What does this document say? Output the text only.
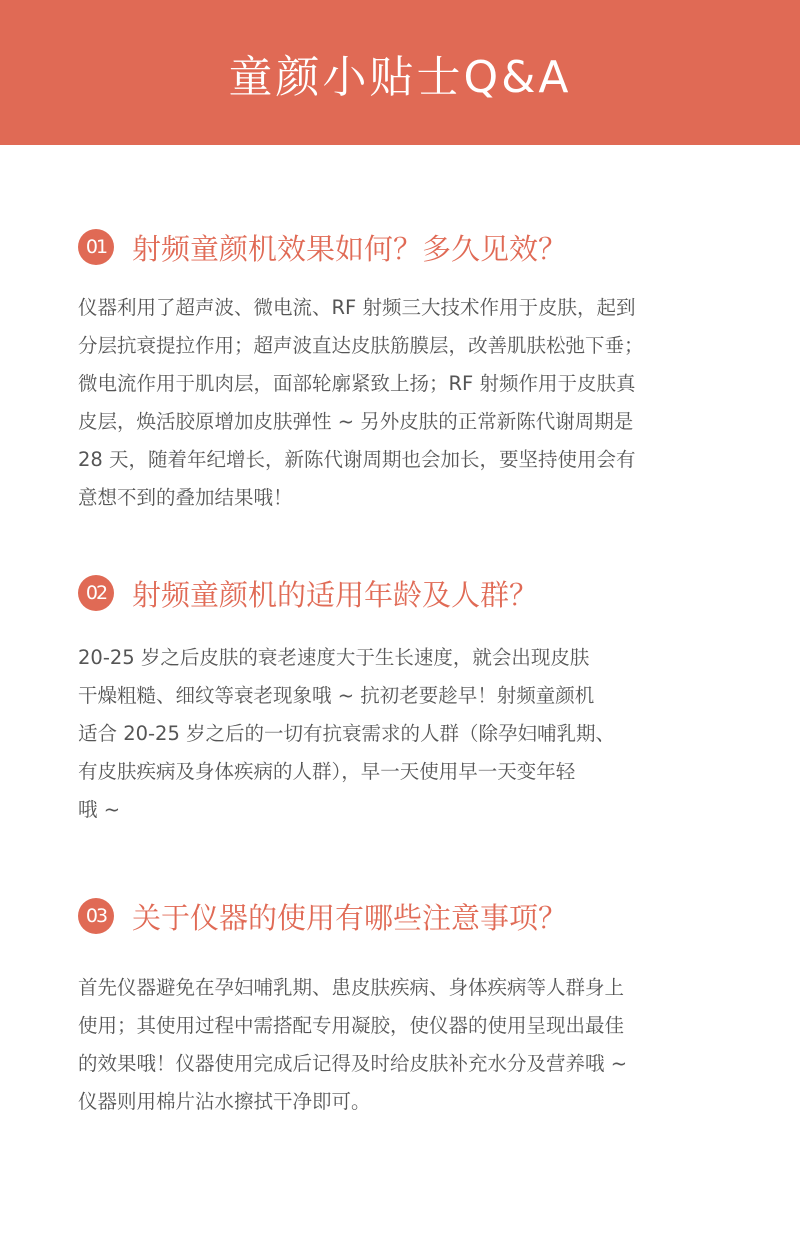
童颜小贴士Q&A
01 射频童颜机效果如何？多久见效？
仪器利用了超声波、微电流、RF 射频三大技术作用于皮肤，起到
分层抗衰提拉作用；超声波直达皮肤筋膜层，改善肌肤松弛下垂；
微电流作用于肌肉层，面部轮廓紧致上扬；RF 射频作用于皮肤真
皮层，焕活胶原增加皮肤弹性 ~ 另外皮肤的正常新陈代谢周期是
28 天，随着年纪增长，新陈代谢周期也会加长，要坚持使用会有
意想不到的叠加结果哦！
02 射频童颜机的适用年龄及人群？
20-25 岁之后皮肤的衰老速度大于生长速度，就会出现皮肤
干燥粗糙、细纹等衰老现象哦 ~ 抗初老要趁早！射频童颜机
适合 20-25 岁之后的一切有抗衰需求的人群（除孕妇哺乳期、
有皮肤疾病及身体疾病的人群），早一天使用早一天变年轻
哦 ~
03 关于仪器的使用有哪些注意事项？
首先仪器避免在孕妇哺乳期、患皮肤疾病、身体疾病等人群身上
使用；其使用过程中需搭配专用凝胶，使仪器的使用呈现出最佳
的效果哦！仪器使用完成后记得及时给皮肤补充水分及营养哦 ~
仪器则用棉片沾水擦拭干净即可。
